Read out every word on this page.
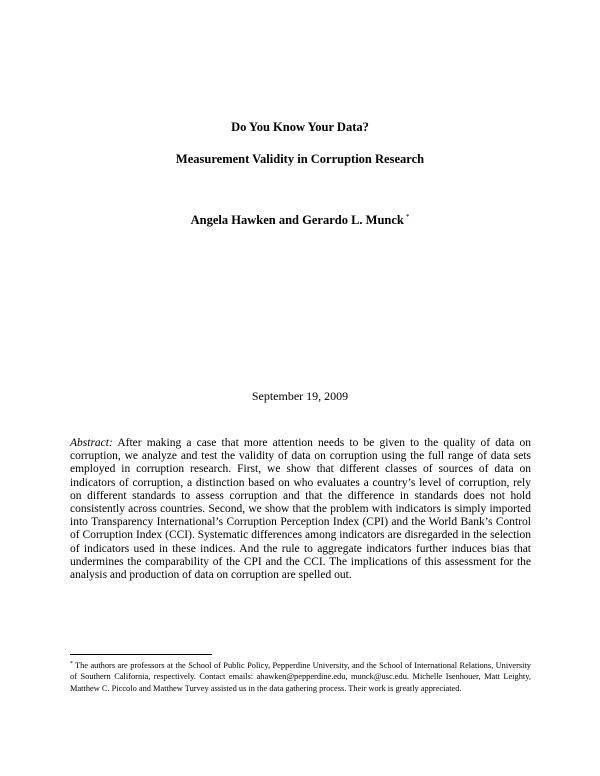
Do You Know Your Data?
Measurement Validity in Corruption Research
Angela Hawken and Gerardo L. Munck *
September 19, 2009
Abstract: After making a case that more attention needs to be given to the quality of data on corruption, we analyze and test the validity of data on corruption using the full range of data sets employed in corruption research. First, we show that different classes of sources of data on indicators of corruption, a distinction based on who evaluates a country’s level of corruption, rely on different standards to assess corruption and that the difference in standards does not hold consistently across countries. Second, we show that the problem with indicators is simply imported into Transparency International’s Corruption Perception Index (CPI) and the World Bank’s Control of Corruption Index (CCI). Systematic differences among indicators are disregarded in the selection of indicators used in these indices. And the rule to aggregate indicators further induces bias that undermines the comparability of the CPI and the CCI. The implications of this assessment for the analysis and production of data on corruption are spelled out.
* The authors are professors at the School of Public Policy, Pepperdine University, and the School of International Relations, University of Southern California, respectively. Contact emails: ahawken@pepperdine.edu, munck@usc.edu. Michelle Isenhouer, Matt Leighty, Matthew C. Piccolo and Matthew Turvey assisted us in the data gathering process. Their work is greatly appreciated.
